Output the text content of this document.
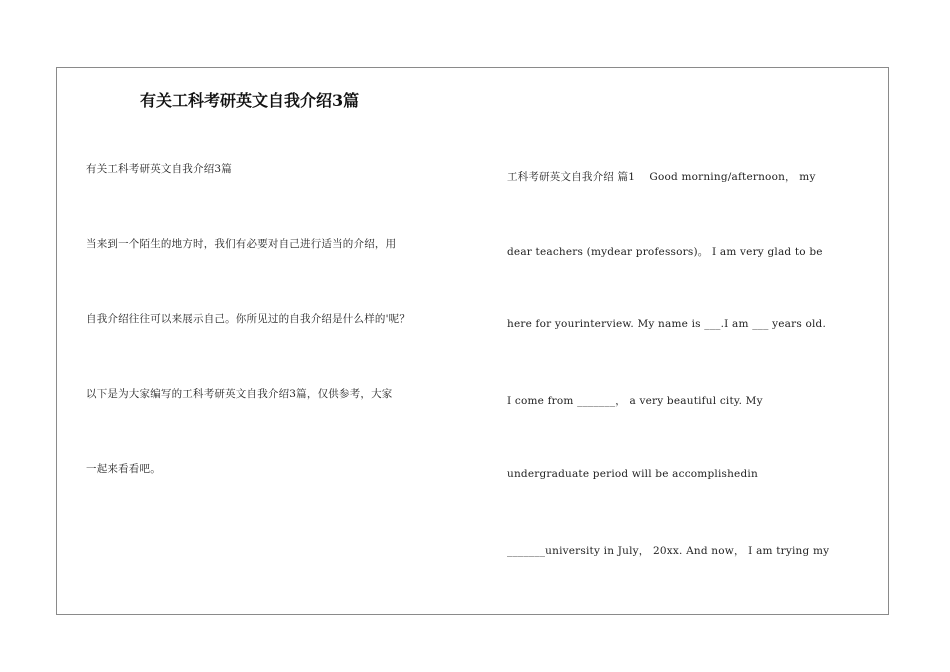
有关工科考研英文自我介绍3篇
有关工科考研英文自我介绍3篇
当来到一个陌生的地方时，我们有必要对自己进行适当的介绍，用
自我介绍往往可以来展示自己。你所见过的自我介绍是什么样的'呢？
以下是为大家编写的工科考研英文自我介绍3篇，仅供参考，大家
一起来看看吧。
工科考研英文自我介绍 篇1　 Good morning/afternoon， my
dear teachers (mydear professors)。 I am very glad to be
here for yourinterview. My name is ___.I am ___ years old.
I come from _______， a very beautiful city. My
undergraduate period will be accomplishedin
_______university in July， 20xx. And now， I am trying my
